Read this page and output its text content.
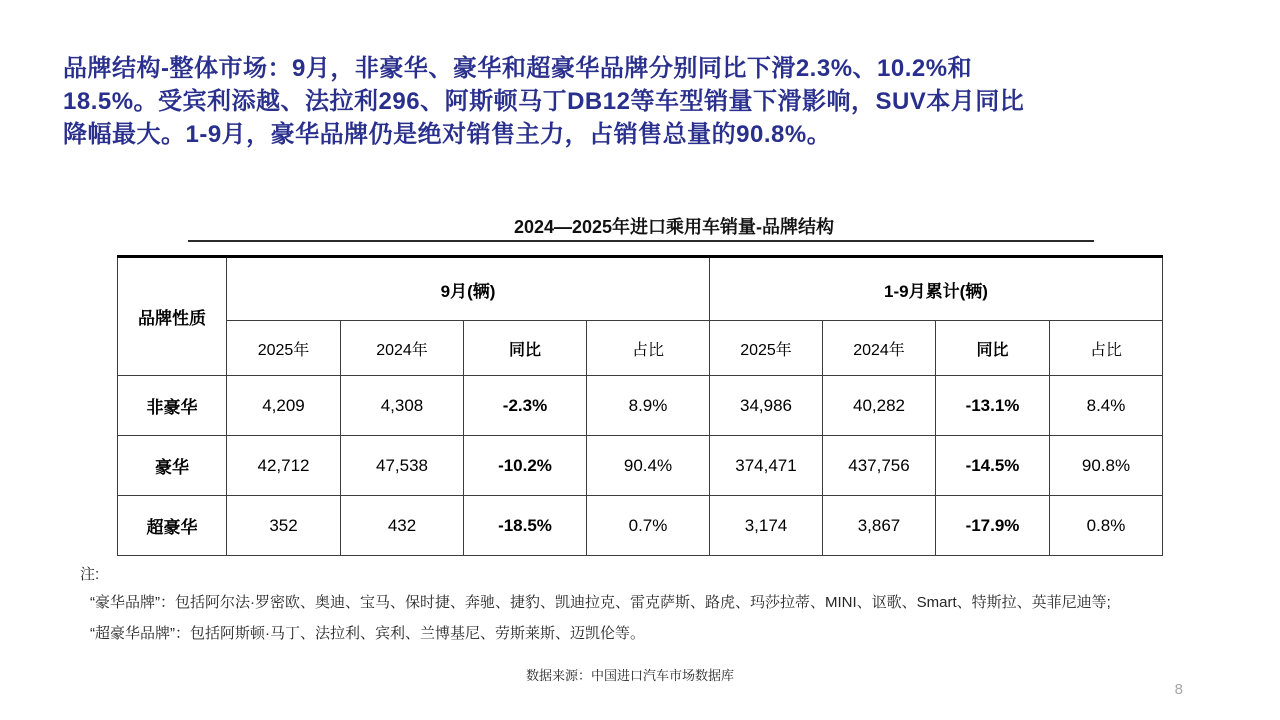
品牌结构-整体市场：9月，非豪华、豪华和超豪华品牌分别同比下滑2.3%、10.2%和
18.5%。受宾利添越、法拉利296、阿斯顿马丁DB12等车型销量下滑影响，SUV本月同比
降幅最大。1-9月，豪华品牌仍是绝对销售主力，占销售总量的90.8%。
2024—2025年进口乘用车销量-品牌结构
品牌性质	9月(辆)				1-9月累计(辆)			
	2025年	2024年	同比	占比	2025年	2024年	同比	占比
非豪华	4,209	4,308	-2.3%	8.9%	34,986	40,282	-13.1%	8.4%
豪华	42,712	47,538	-10.2%	90.4%	374,471	437,756	-14.5%	90.8%
超豪华	352	432	-18.5%	0.7%	3,174	3,867	-17.9%	0.8%
注:
“豪华品牌”：包括阿尔法·罗密欧、奥迪、宝马、保时捷、奔驰、捷豹、凯迪拉克、雷克萨斯、路虎、玛莎拉蒂、MINI、讴歌、Smart、特斯拉、英菲尼迪等;
“超豪华品牌”：包括阿斯顿·马丁、法拉利、宾利、兰博基尼、劳斯莱斯、迈凯伦等。
数据来源：中国进口汽车市场数据库
8
